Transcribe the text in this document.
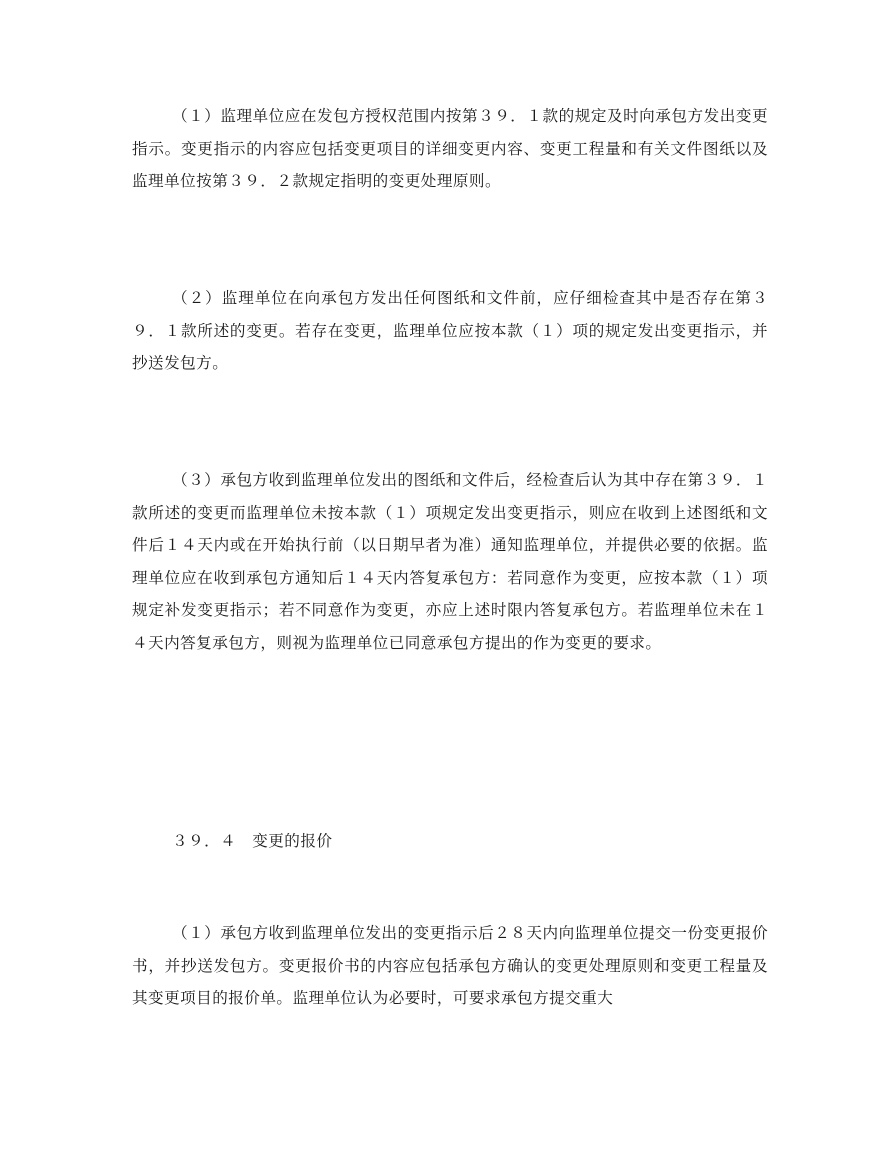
（１）监理单位应在发包方授权范围内按第３９．１款的规定及时向承包方发出变更指示。变更指示的内容应包括变更项目的详细变更内容、变更工程量和有关文件图纸以及监理单位按第３９．２款规定指明的变更处理原则。

（２）监理单位在向承包方发出任何图纸和文件前，应仔细检查其中是否存在第３９．１款所述的变更。若存在变更，监理单位应按本款（１）项的规定发出变更指示，并抄送发包方。

（３）承包方收到监理单位发出的图纸和文件后，经检查后认为其中存在第３９．１款所述的变更而监理单位未按本款（１）项规定发出变更指示，则应在收到上述图纸和文件后１４天内或在开始执行前（以日期早者为准）通知监理单位，并提供必要的依据。监理单位应在收到承包方通知后１４天内答复承包方：若同意作为变更，应按本款（１）项规定补发变更指示；若不同意作为变更，亦应上述时限内答复承包方。若监理单位未在１４天内答复承包方，则视为监理单位已同意承包方提出的作为变更的要求。

３９．４　变更的报价

（１）承包方收到监理单位发出的变更指示后２８天内向监理单位提交一份变更报价书，并抄送发包方。变更报价书的内容应包括承包方确认的变更处理原则和变更工程量及其变更项目的报价单。监理单位认为必要时，可要求承包方提交重大
